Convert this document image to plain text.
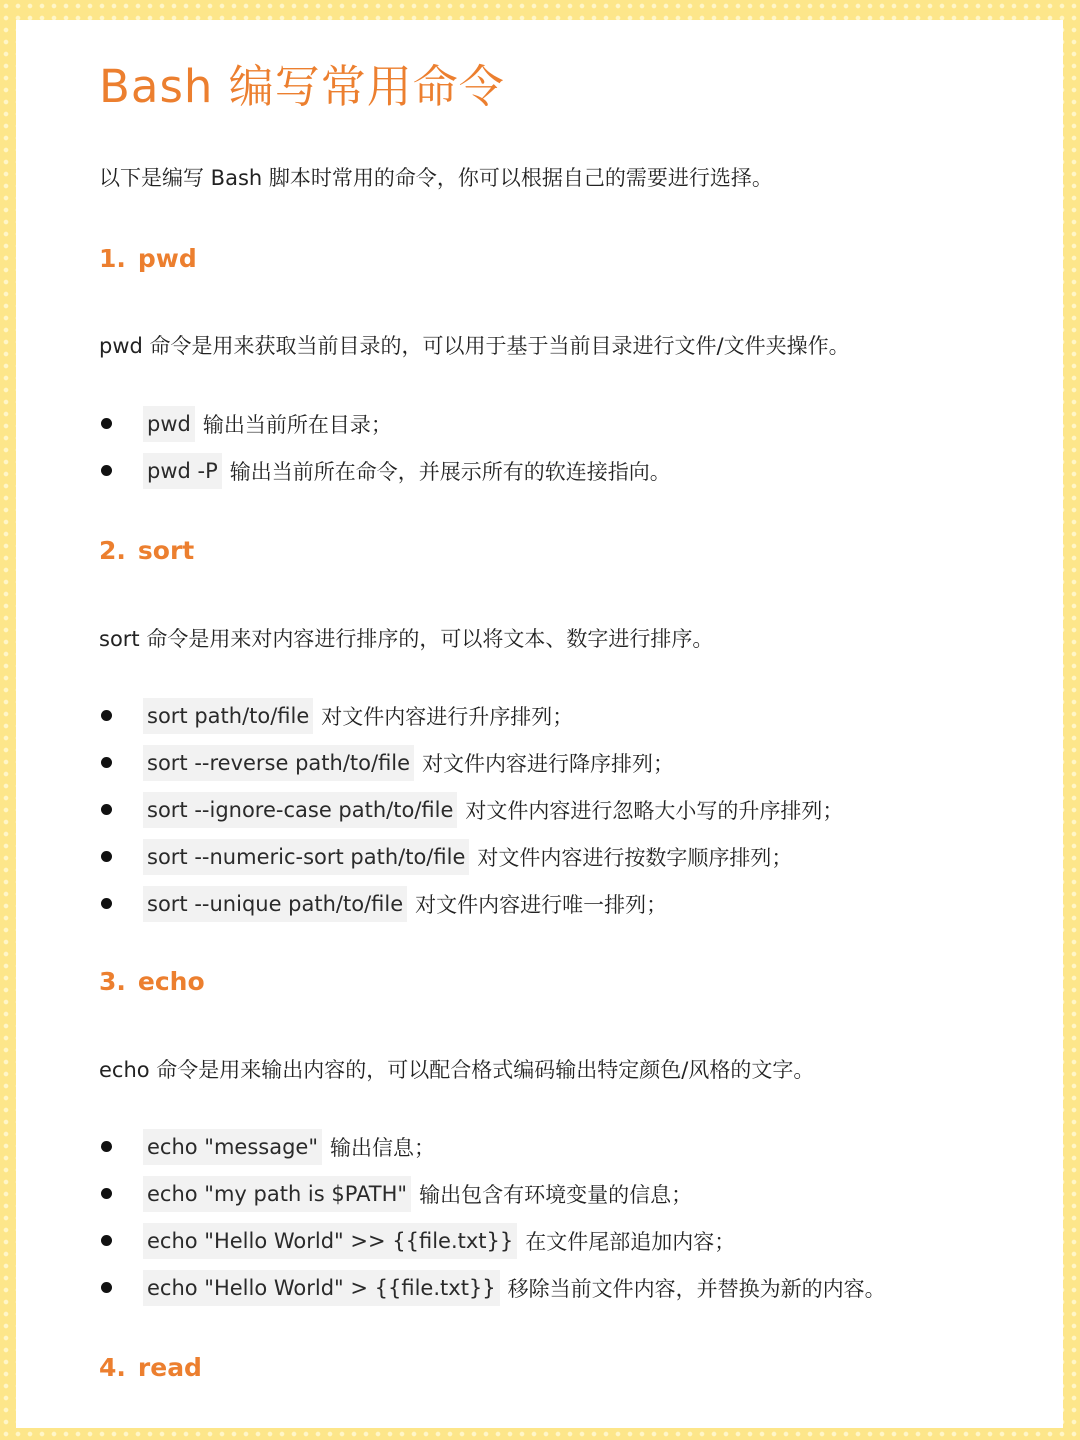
Bash 编写常用命令

以下是编写 Bash 脚本时常用的命令，你可以根据自己的需要进行选择。

1. pwd

pwd 命令是用来获取当前目录的，可以用于基于当前目录进行文件/文件夹操作。

pwd 输出当前所在目录；
pwd -P 输出当前所在命令，并展示所有的软连接指向。
2. sort

sort 命令是用来对内容进行排序的，可以将文本、数字进行排序。

sort path/to/file 对文件内容进行升序排列；
sort --reverse path/to/file 对文件内容进行降序排列；
sort --ignore-case path/to/file 对文件内容进行忽略大小写的升序排列；
sort --numeric-sort path/to/file 对文件内容进行按数字顺序排列；
sort --unique path/to/file 对文件内容进行唯一排列；
3. echo

echo 命令是用来输出内容的，可以配合格式编码输出特定颜色/风格的文字。

echo "message" 输出信息；
echo "my path is $PATH" 输出包含有环境变量的信息；
echo "Hello World" >> {{file.txt}} 在文件尾部追加内容；
echo "Hello World" > {{file.txt}} 移除当前文件内容，并替换为新的内容。
4. read
